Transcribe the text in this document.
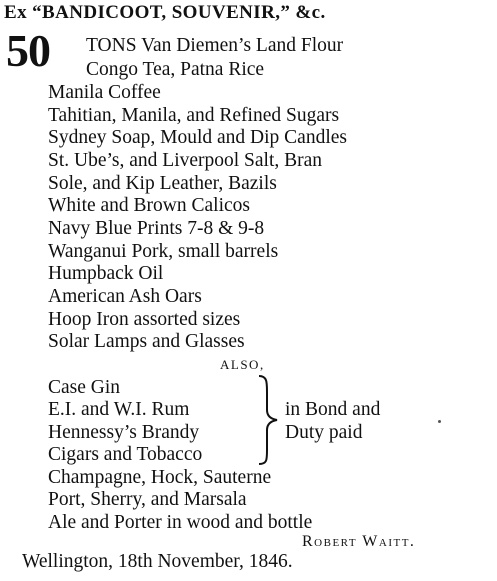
Ex “BANDICOOT, SOUVENIR,” &c.
50 TONS Van Diemen’s Land Flour
Congo Tea, Patna Rice
Manila Coffee
Tahitian, Manila, and Refined Sugars
Sydney Soap, Mould and Dip Candles
St. Ube’s, and Liverpool Salt, Bran
Sole, and Kip Leather, Bazils
White and Brown Calicos
Navy Blue Prints 7-8 & 9-8
Wanganui Pork, small barrels
Humpback Oil
American Ash Oars
Hoop Iron assorted sizes
Solar Lamps and Glasses
ALSO,
Case Gin
E.I. and W.I. Rum
Hennessy’s Brandy
Cigars and Tobacco
in Bond and
Duty paid
Champagne, Hock, Sauterne
Port, Sherry, and Marsala
Ale and Porter in wood and bottle
Robert Waitt.
Wellington, 18th November, 1846.
